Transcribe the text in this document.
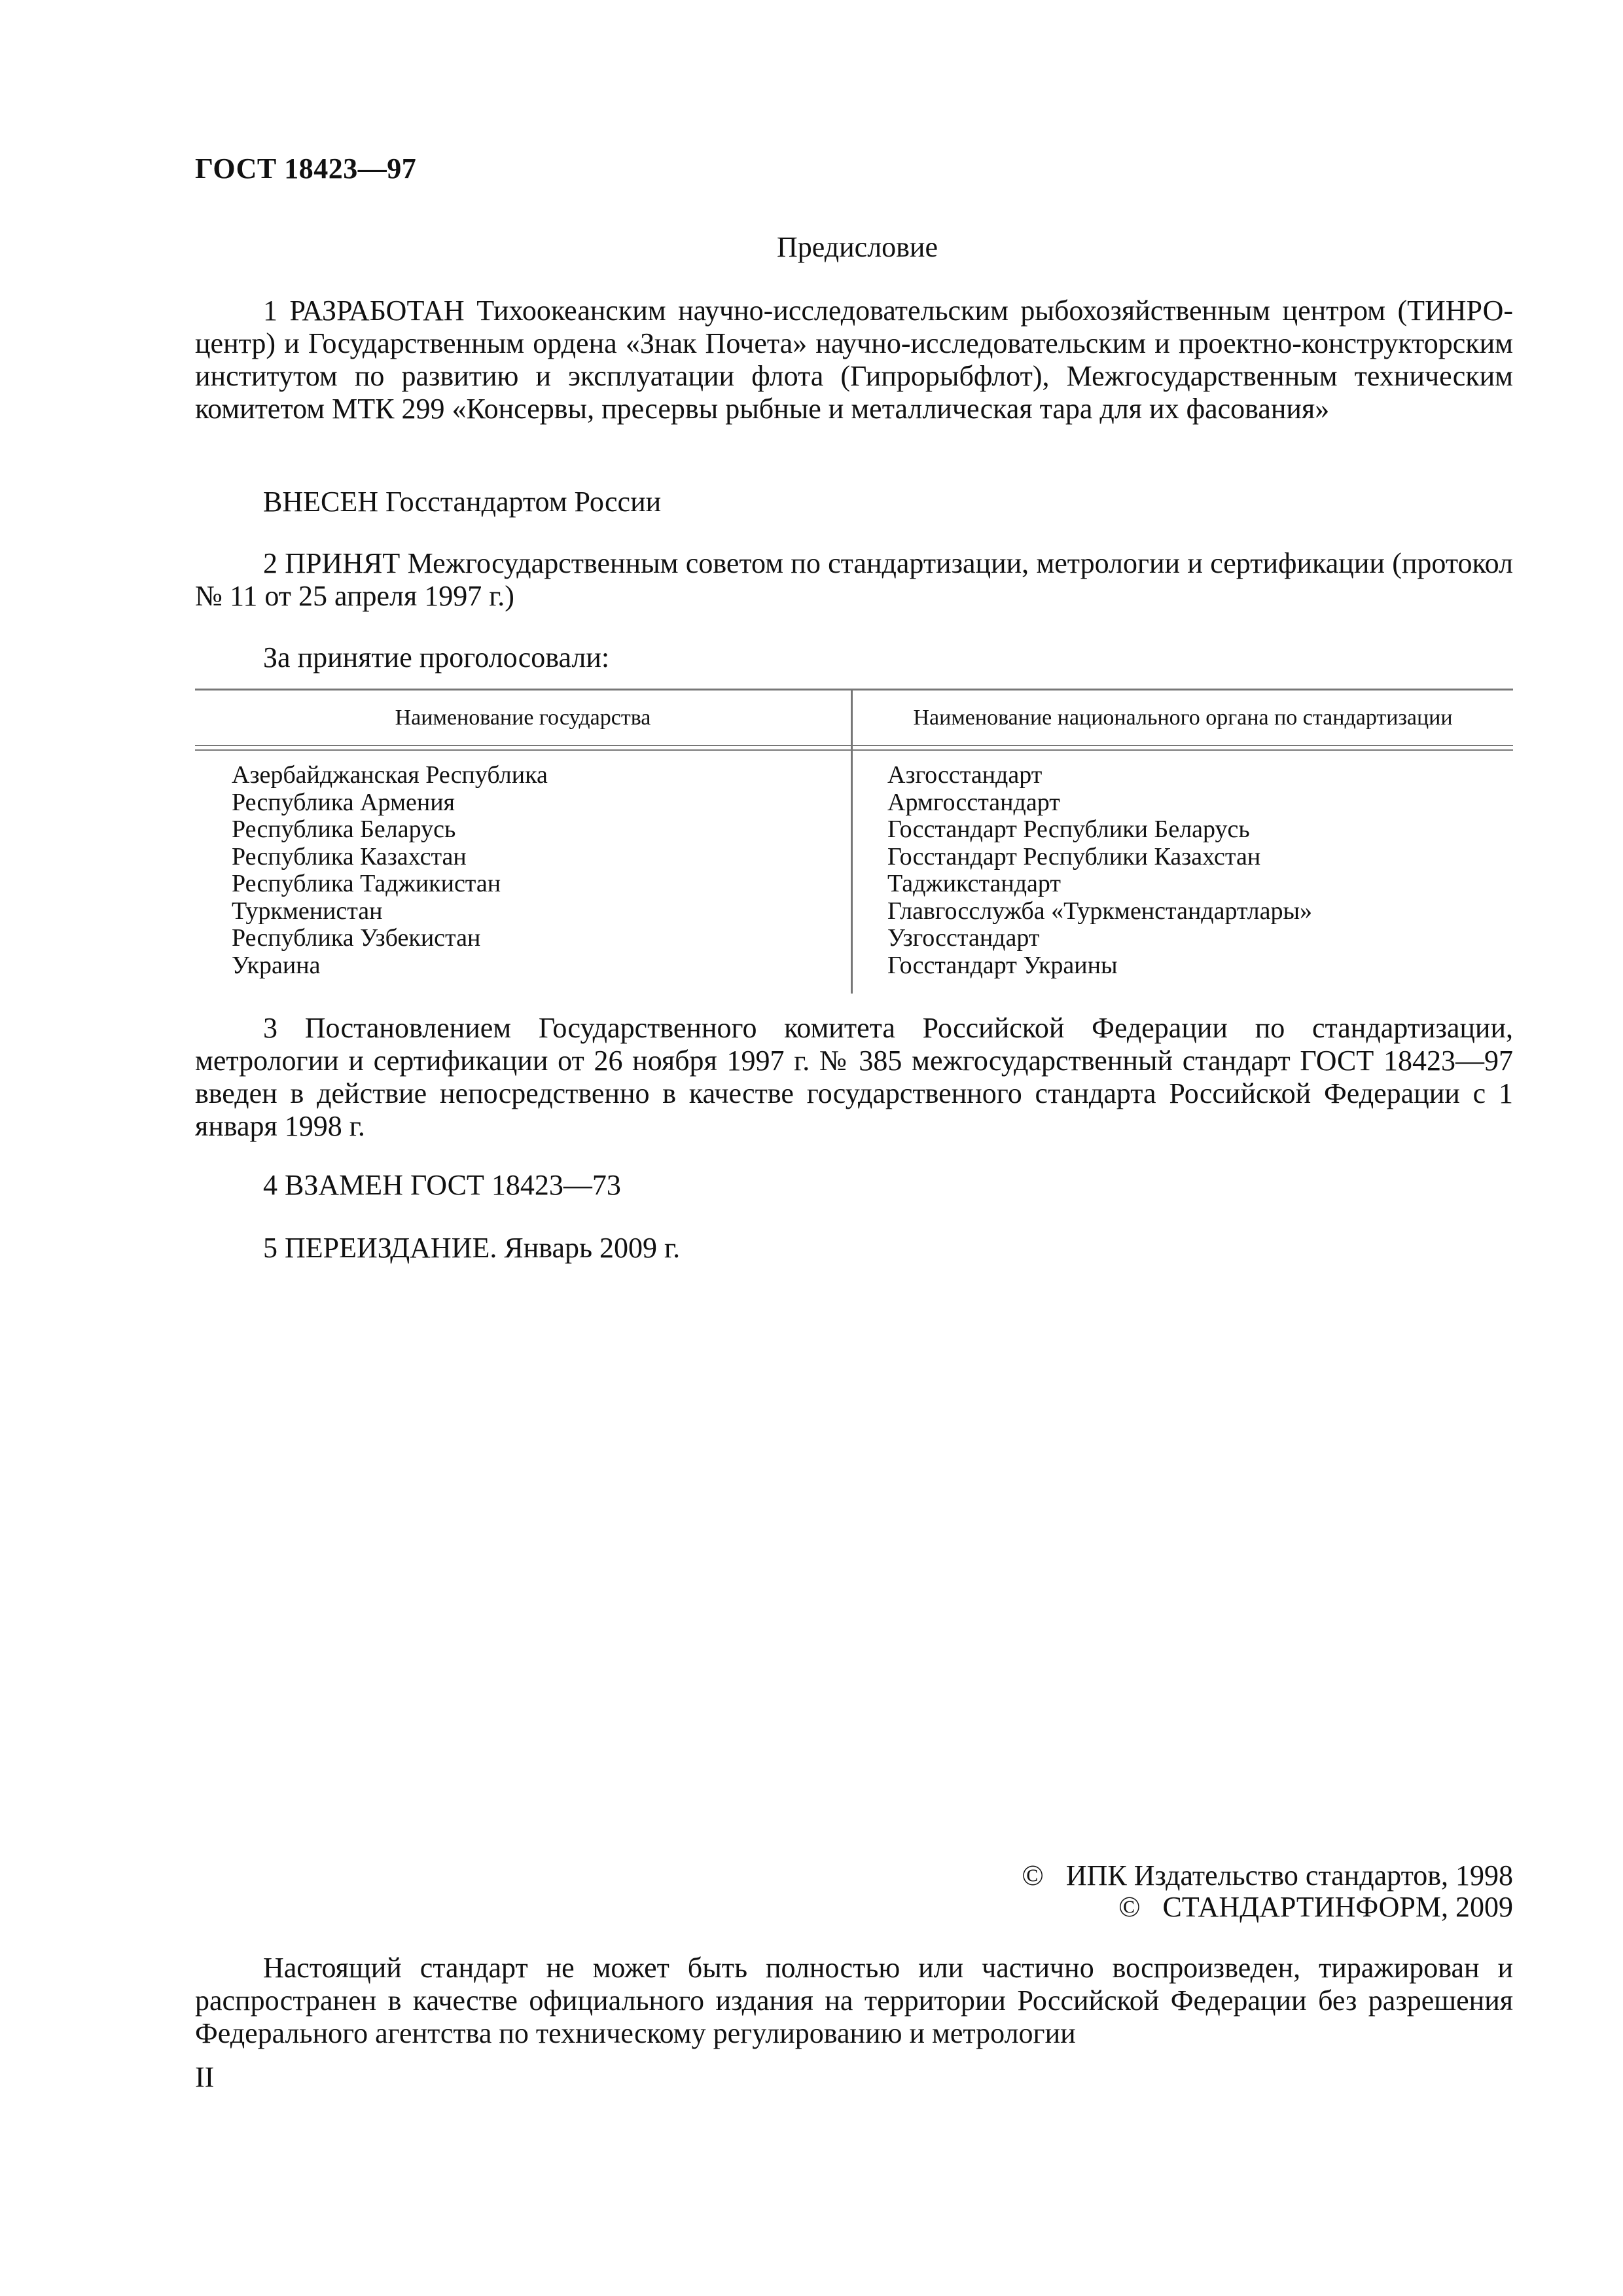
ГОСТ 18423—97
Предисловие
1 РАЗРАБОТАН Тихоокеанским научно-исследовательским рыбохозяйственным центром (ТИНРО-центр) и Государственным ордена «Знак Почета» научно-исследовательским и проектно-конструкторским институтом по развитию и эксплуатации флота (Гипрорыбфлот), Межгосударственным техническим комитетом МТК 299 «Консервы, пресервы рыбные и металлическая тара для их фасования»
ВНЕСЕН Госстандартом России
2 ПРИНЯТ Межгосударственным советом по стандартизации, метрологии и сертификации (протокол № 11 от 25 апреля 1997 г.)
За принятие проголосовали:
Наименование государства	Наименование национального органа по стандартизации
Азербайджанская Республика
Республика Армения
Республика Беларусь
Республика Казахстан
Республика Таджикистан
Туркменистан
Республика Узбекистан
Украина
Азгосстандарт
Армгосстандарт
Госстандарт Республики Беларусь
Госстандарт Республики Казахстан
Таджикстандарт
Главгосслужба «Туркменстандартлары»
Узгосстандарт
Госстандарт Украины
3 Постановлением Государственного комитета Российской Федерации по стандартизации, метрологии и сертификации от 26 ноября 1997 г. № 385 межгосударственный стандарт ГОСТ 18423—97 введен в действие непосредственно в качестве государственного стандарта Российской Федерации с 1 января 1998 г.
4 ВЗАМЕН ГОСТ 18423—73
5 ПЕРЕИЗДАНИЕ. Январь 2009 г.
© ИПК Издательство стандартов, 1998
© СТАНДАРТИНФОРМ, 2009
Настоящий стандарт не может быть полностью или частично воспроизведен, тиражирован и распространен в качестве официального издания на территории Российской Федерации без разрешения Федерального агентства по техническому регулированию и метрологии
II
